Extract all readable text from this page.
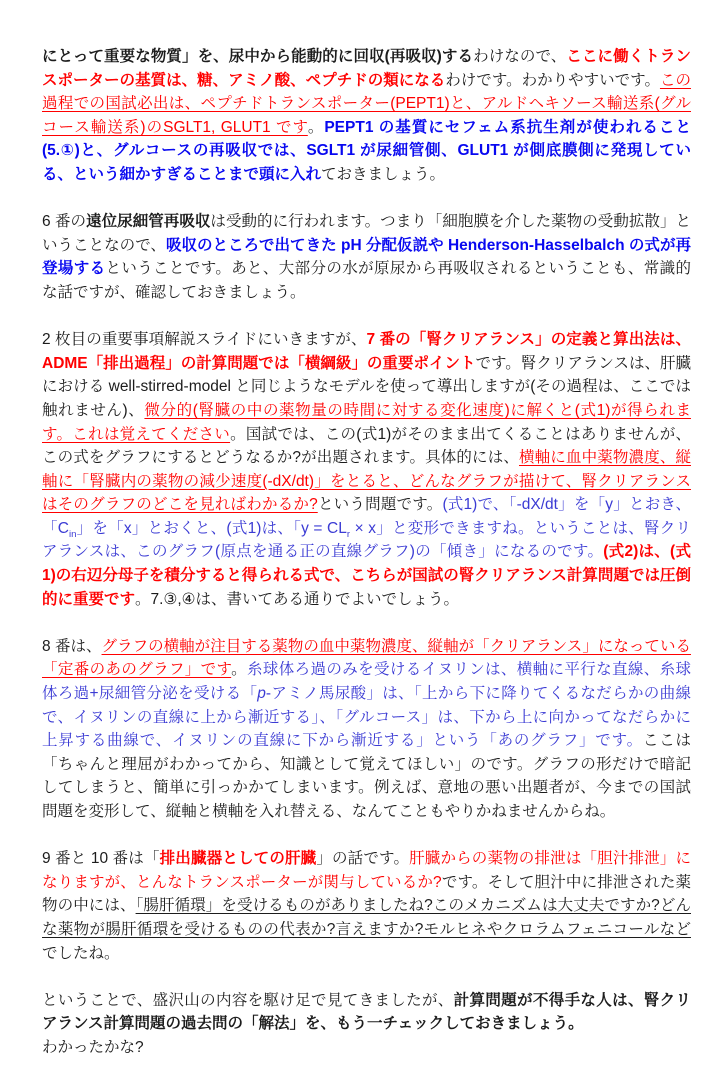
にとって重要な物質」を、尿中から能動的に回収(再吸収)するわけなので、ここに働くトランスポーターの基質は、糖、アミノ酸、ペプチドの類になるわけです。わかりやすいです。この過程での国試必出は、ペプチドトランスポーター(PEPT1)と、アルドヘキソース輸送系(グルコース輸送系)のSGLT1, GLUT1 です。PEPT1 の基質にセフェム系抗生剤が使われること(5.①)と、グルコースの再吸収では、SGLT1 が尿細管側、GLUT1 が側底膜側に発現している、という細かすぎることまで頭に入れておきましょう。

6 番の遠位尿細管再吸収は受動的に行われます。つまり「細胞膜を介した薬物の受動拡散」ということなので、吸収のところで出てきた pH 分配仮説や Henderson-Hasselbalch の式が再登場するということです。あと、大部分の水が原尿から再吸収されるということも、常識的な話ですが、確認しておきましょう。

2 枚目の重要事項解説スライドにいきますが、7 番の「腎クリアランス」の定義と算出法は、ADME「排出過程」の計算問題では「横綱級」の重要ポイントです。腎クリアランスは、肝臓における well-stirred-model と同じようなモデルを使って導出しますが(その過程は、ここでは触れません)、微分的(腎臓の中の薬物量の時間に対する変化速度)に解くと(式1)が得られます。これは覚えてください。国試では、この(式1)がそのまま出てくることはありませんが、この式をグラフにするとどうなるか?が出題されます。具体的には、横軸に血中薬物濃度、縦軸に「腎臓内の薬物の減少速度(-dX/dt)」をとると、どんなグラフが描けて、腎クリアランスはそのグラフのどこを見ればわかるか?という問題です。(式1)で、「-dX/dt」を「y」とおき、「$C_{in}$」を「x」とおくと、(式1)は、「$y = CL_r \times x$」と変形できますね。ということは、腎クリアランスは、このグラフ(原点を通る正の直線グラフ)の「傾き」になるのです。(式2)は、(式1)の右辺分母子を積分すると得られる式で、こちらが国試の腎クリアランス計算問題では圧倒的に重要です。7.③,④は、書いてある通りでよいでしょう。

8 番は、グラフの横軸が注目する薬物の血中薬物濃度、縦軸が「クリアランス」になっている「定番のあのグラフ」です。糸球体ろ過のみを受けるイヌリンは、横軸に平行な直線、糸球体ろ過+尿細管分泌を受ける「p-アミノ馬尿酸」は、「上から下に降りてくるなだらかの曲線で、イヌリンの直線に上から漸近する」、「グルコース」は、下から上に向かってなだらかに上昇する曲線で、イヌリンの直線に下から漸近する」という「あのグラフ」です。ここは「ちゃんと理屈がわかってから、知識として覚えてほしい」のです。グラフの形だけで暗記してしまうと、簡単に引っかかてしまいます。例えば、意地の悪い出題者が、今までの国試問題を変形して、縦軸と横軸を入れ替える、なんてこともやりかねませんからね。

9 番と 10 番は「排出臓器としての肝臓」の話です。肝臓からの薬物の排泄は「胆汁排泄」になりますが、とんなトランスポーターが関与しているか?です。そして胆汁中に排泄された薬物の中には、「腸肝循環」を受けるものがありましたね?このメカニズムは大丈夫ですか?どんな薬物が腸肝循環を受けるものの代表か?言えますか?モルヒネやクロラムフェニコールなどでしたね。

ということで、盛沢山の内容を駆け足で見てきましたが、計算問題が不得手な人は、腎クリアランス計算問題の過去問の「解法」を、もう一チェックしておきましょう。

わかったかな?
